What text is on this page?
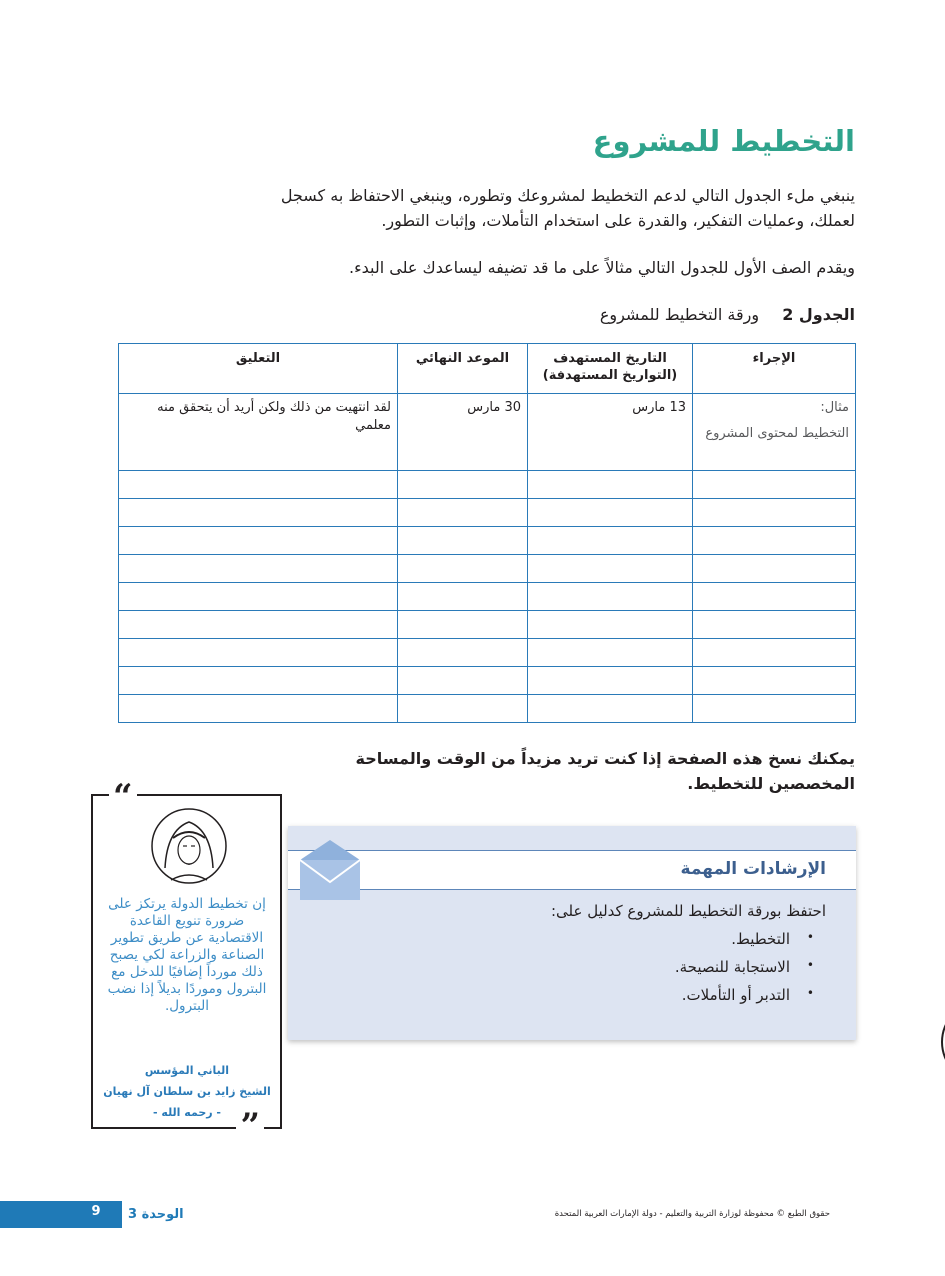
التخطيط للمشروع
ينبغي ملء الجدول التالي لدعم التخطيط لمشروعك وتطوره، وينبغي الاحتفاظ به كسجل لعملك، وعمليات التفكير، والقدرة على استخدام التأملات، وإثبات التطور.
ويقدم الصف الأول للجدول التالي مثالاً على ما قد تضيفه ليساعدك على البدء.
الجدول 2 ورقة التخطيط للمشروع
الإجراء	التاريخ المستهدف (التواريخ المستهدفة)	الموعد النهائي	التعليق

مثال:
التخطيط لمحتوى المشروع	13 مارس	30 مارس	لقد انتهيت من ذلك ولكن أريد أن يتحقق منه معلمي

يمكنك نسخ هذه الصفحة إذا كنت تريد مزيداً من الوقت والمساحة المخصصين للتخطيط.
“
إن تخطيط الدولة يرتكز على ضرورة تنويع القاعدة الاقتصادية عن طريق تطوير الصناعة والزراعة لكي يصبح ذلك مورداً إضافيًا للدخل مع البترول وموردًا بديلاً إذا نضب البترول.
الباني المؤسس
الشيخ زايد بن سلطان آل نهيان
- رحمه الله - ”
الإرشادات المهمة
احتفظ بورقة التخطيط للمشروع كدليل على:
• التخطيط.
• الاستجابة للنصيحة.
• التدبر أو التأملات.
9	الوحدة 3	حقوق الطبع © محفوظة لوزارة التربية والتعليم - دولة الإمارات العربية المتحدة
